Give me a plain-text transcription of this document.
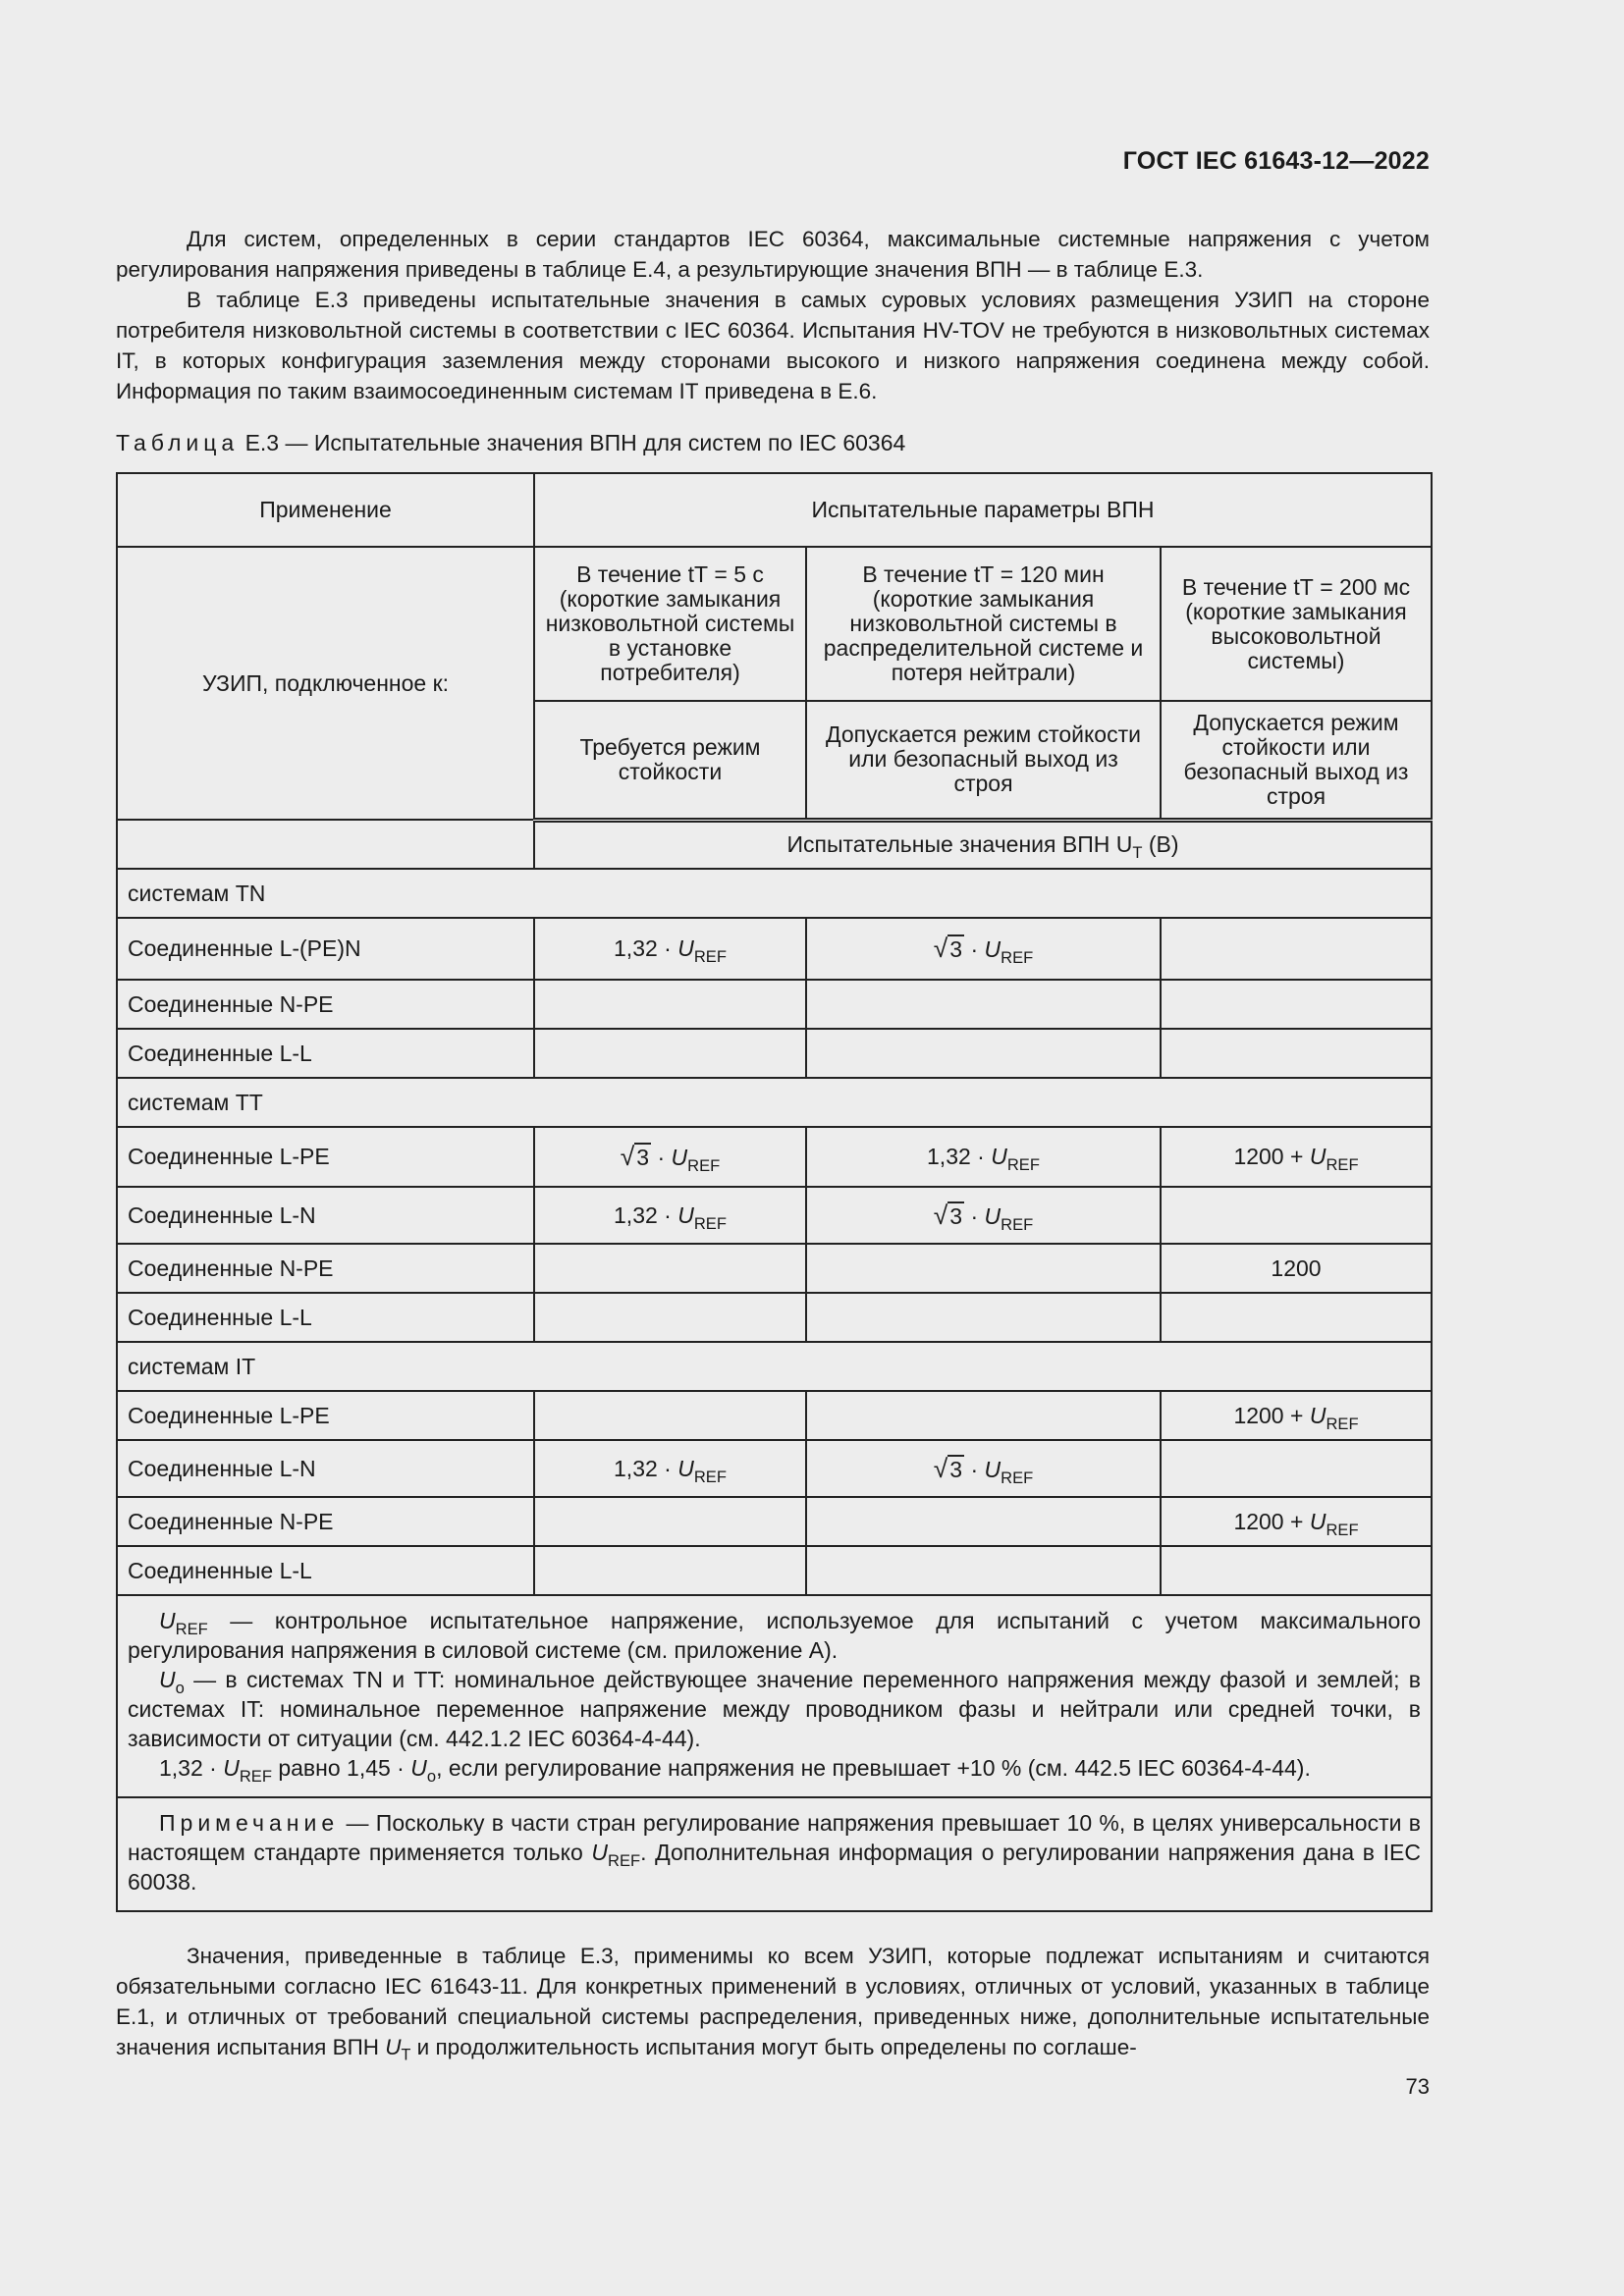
ГОСТ IEC 61643-12—2022

Для систем, определенных в серии стандартов IEC 60364, максимальные системные напряжения с учетом регулирования напряжения приведены в таблице E.4, а результирующие значения ВПН — в таблице E.3.

В таблице E.3 приведены испытательные значения в самых суровых условиях размещения УЗИП на стороне потребителя низковольтной системы в соответствии с IEC 60364. Испытания HV-TOV не требуются в низковольтных системах IT, в которых конфигурация заземления между сторонами высокого и низкого напряжения соединена между собой. Информация по таким взаимосоединенным системам IT приведена в E.6.

Таблица E.3 — Испытательные значения ВПН для систем по IEC 60364
Применение	Испытательные параметры ВПН		
УЗИП, подключенное к:	В течение tТ = 5 с (короткие замыкания низковольтной системы в установке потребителя)	В течение tТ = 120 мин (короткие замыкания низковольтной системы в распределительной системе и потеря нейтрали)	В течение tТ = 200 мс (короткие замыкания высоковольтной системы)
	Требуется режим стойкости	Допускается режим стойкости или безопасный выход из строя	Допускается режим стойкости или безопасный выход из строя
	Испытательные значения ВПН $U_T$ (В)		
системам TN			
Соединенные L-(PE)N	$1,32 \cdot U_{REF}$	$√3 \cdot U_{REF}$	
Соединенные N-PE			
Соединенные L-L			
системам TT			
Соединенные L-PE	$√3 \cdot U_{REF}$	$1,32 \cdot U_{REF}$	$1200 + U_{REF}$
Соединенные L-N	$1,32 \cdot U_{REF}$	$√3 \cdot U_{REF}$	
Соединенные N-PE			1200
Соединенные L-L			
системам IT			
Соединенные L-PE			$1200 + U_{REF}$
Соединенные L-N	$1,32 \cdot U_{REF}$	$√3 \cdot U_{REF}$	
Соединенные N-PE			$1200 + U_{REF}$
Соединенные L-L			

$U_{REF}$ — контрольное испытательное напряжение, используемое для испытаний с учетом максимального регулирования напряжения в силовой системе (см. приложение А).

$U_o$ — в системах TN и TT: номинальное действующее значение переменного напряжения между фазой и землей; в системах IT: номинальное переменное напряжение между проводником фазы и нейтрали или средней точки, в зависимости от ситуации (см. 442.1.2 IEC 60364-4-44).

$1,32 \cdot U_{REF}$ равно $1,45 \cdot U_o$, если регулирование напряжения не превышает +10 % (см. 442.5 IEC 60364-4-44).			

Примечание — Поскольку в части стран регулирование напряжения превышает 10 %, в целях универсальности в настоящем стандарте применяется только $U_{REF}$. Дополнительная информация о регулировании напряжения дана в IEC 60038.			

Значения, приведенные в таблице E.3, применимы ко всем УЗИП, которые подлежат испытаниям и считаются обязательными согласно IEC 61643-11. Для конкретных применений в условиях, отличных от условий, указанных в таблице E.1, и отличных от требований специальной системы распределения, приведенных ниже, дополнительные испытательные значения испытания ВПН $U_T$ и продолжительность испытания могут быть определены по соглаше-

73
